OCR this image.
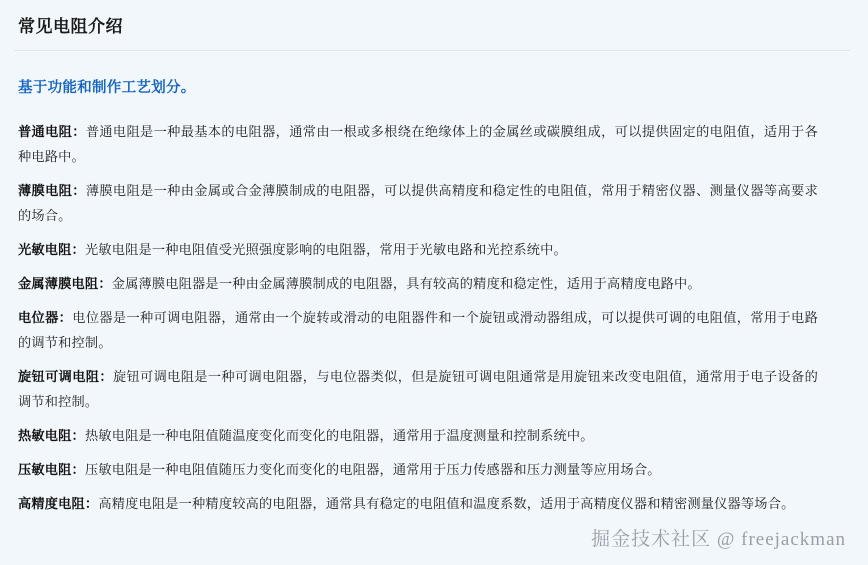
常见电阻介绍
基于功能和制作工艺划分。

普通电阻：普通电阻是一种最基本的电阻器，通常由一根或多根绕在绝缘体上的金属丝或碳膜组成，可以提供固定的电阻值，适用于各种电路中。

薄膜电阻：薄膜电阻是一种由金属或合金薄膜制成的电阻器，可以提供高精度和稳定性的电阻值，常用于精密仪器、测量仪器等高要求的场合。

光敏电阻：光敏电阻是一种电阻值受光照强度影响的电阻器，常用于光敏电路和光控系统中。

金属薄膜电阻：金属薄膜电阻器是一种由金属薄膜制成的电阻器，具有较高的精度和稳定性，适用于高精度电路中。

电位器：电位器是一种可调电阻器，通常由一个旋转或滑动的电阻器件和一个旋钮或滑动器组成，可以提供可调的电阻值，常用于电路的调节和控制。

旋钮可调电阻：旋钮可调电阻是一种可调电阻器，与电位器类似，但是旋钮可调电阻通常是用旋钮来改变电阻值，通常用于电子设备的调节和控制。

热敏电阻：热敏电阻是一种电阻值随温度变化而变化的电阻器，通常用于温度测量和控制系统中。

压敏电阻：压敏电阻是一种电阻值随压力变化而变化的电阻器，通常用于压力传感器和压力测量等应用场合。

高精度电阻：高精度电阻是一种精度较高的电阻器，通常具有稳定的电阻值和温度系数，适用于高精度仪器和精密测量仪器等场合。

掘金技术社区 @ freejackman
